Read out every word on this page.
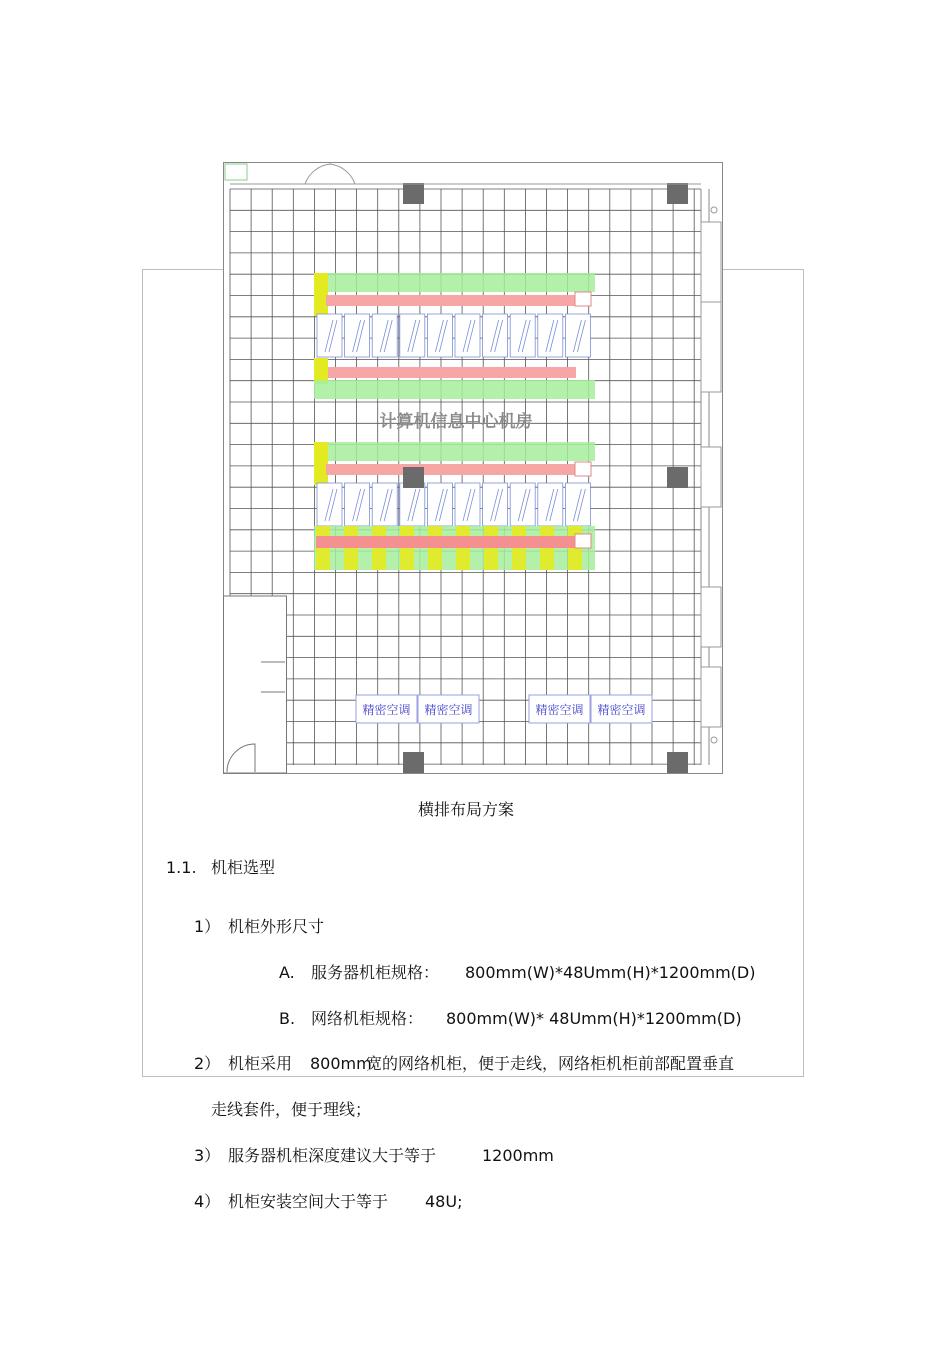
计算机信息中心机房
精密空调 精密空调	精密空调 精密空调
横排布局方案
1.1. 机柜选型
1） 机柜外形尺寸
A. 服务器机柜规格： 800mm(W)*48Umm(H)*1200mm(D)
B. 网络机柜规格： 800mm(W)* 48Umm(H)*1200mm(D)
2） 机柜采用 800mm
宽的网络机柜，便于走线，网络柜机柜前部配置垂直
走线套件，便于理线；
3） 服务器机柜深度建议大于等于	1200mm
4） 机柜安装空间大于等于 48U;
